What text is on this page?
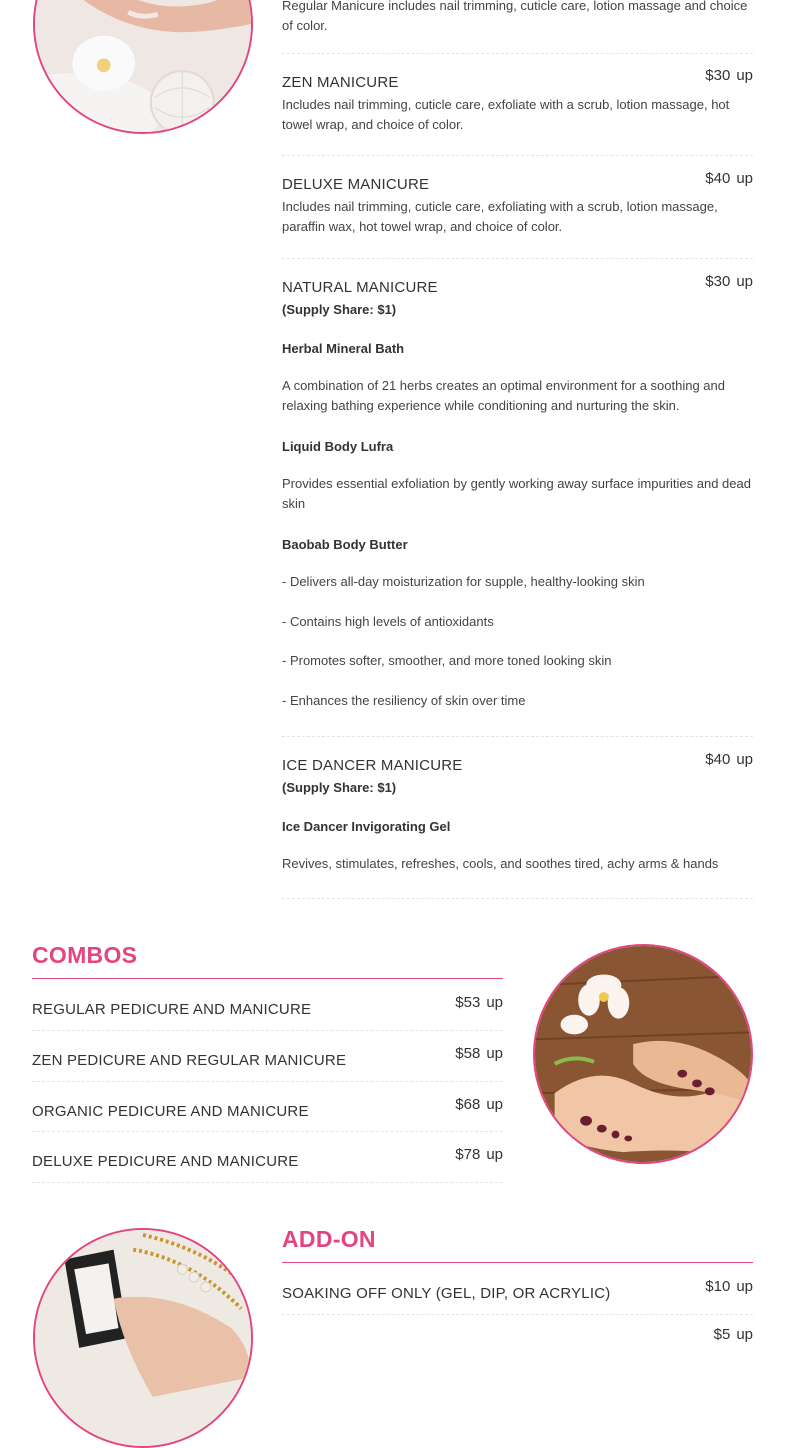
Regular Manicure includes nail trimming, cuticle care, lotion massage and choice of color.
$30 up
ZEN MANICURE
Includes nail trimming, cuticle care, exfoliate with a scrub, lotion massage, hot towel wrap, and choice of color.
$40 up
DELUXE MANICURE
Includes nail trimming, cuticle care, exfoliating with a scrub, lotion massage, paraffin wax, hot towel wrap, and choice of color.
$30 up
NATURAL MANICURE
(Supply Share: $1)
Herbal Mineral Bath
A combination of 21 herbs creates an optimal environment for a soothing and relaxing bathing experience while conditioning and nurturing the skin.
Liquid Body Lufra
Provides essential exfoliation by gently working away surface impurities and dead skin
Baobab Body Butter
- Delivers all-day moisturization for supple, healthy-looking skin
- Contains high levels of antioxidants
- Promotes softer, smoother, and more toned looking skin
- Enhances the resiliency of skin over time
$40 up
ICE DANCER MANICURE
(Supply Share: $1)
Ice Dancer Invigorating Gel
Revives, stimulates, refreshes, cools, and soothes tired, achy arms & hands
COMBOS
$53 up
REGULAR PEDICURE AND MANICURE
$58 up
ZEN PEDICURE AND REGULAR MANICURE
$68 up
ORGANIC PEDICURE AND MANICURE
$78 up
DELUXE PEDICURE AND MANICURE
ADD-ON
$10 up
SOAKING OFF ONLY (GEL, DIP, OR ACRYLIC)
$5 up
